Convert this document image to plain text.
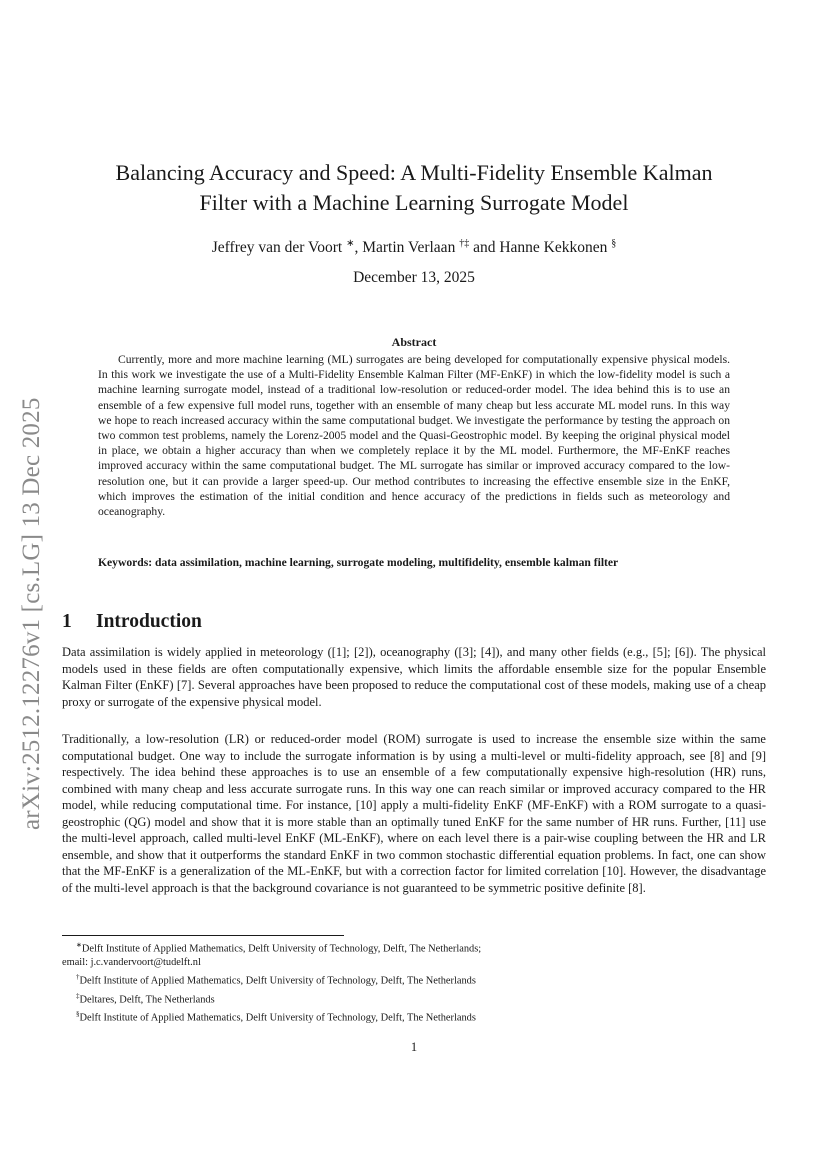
arXiv:2512.12276v1 [cs.LG] 13 Dec 2025
Balancing Accuracy and Speed: A Multi-Fidelity Ensemble Kalman
Filter with a Machine Learning Surrogate Model
Jeffrey van der Voort ∗, Martin Verlaan †‡ and Hanne Kekkonen §
December 13, 2025
Abstract

Currently, more and more machine learning (ML) surrogates are being developed for computationally expensive physical models. In this work we investigate the use of a Multi-Fidelity Ensemble Kalman Filter (MF-EnKF) in which the low-fidelity model is such a machine learning surrogate model, instead of a traditional low-resolution or reduced-order model. The idea behind this is to use an ensemble of a few expensive full model runs, together with an ensemble of many cheap but less accurate ML model runs. In this way we hope to reach increased accuracy within the same computational budget. We investigate the performance by testing the approach on two common test problems, namely the Lorenz-2005 model and the Quasi-Geostrophic model. By keeping the original physical model in place, we obtain a higher accuracy than when we completely replace it by the ML model. Furthermore, the MF-EnKF reaches improved accuracy within the same computational budget. The ML surrogate has similar or improved accuracy compared to the low-resolution one, but it can provide a larger speed-up. Our method contributes to increasing the effective ensemble size in the EnKF, which improves the estimation of the initial condition and hence accuracy of the predictions in fields such as meteorology and oceanography.

Keywords: data assimilation, machine learning, surrogate modeling, multifidelity, ensemble kalman filter

1 Introduction

Data assimilation is widely applied in meteorology ([1]; [2]), oceanography ([3]; [4]), and many other fields (e.g., [5]; [6]). The physical models used in these fields are often computationally expensive, which limits the affordable ensemble size for the popular Ensemble Kalman Filter (EnKF) [7]. Several approaches have been proposed to reduce the computational cost of these models, making use of a cheap proxy or surrogate of the expensive physical model.

Traditionally, a low-resolution (LR) or reduced-order model (ROM) surrogate is used to increase the ensemble size within the same computational budget. One way to include the surrogate information is by using a multi-level or multi-fidelity approach, see [8] and [9] respectively. The idea behind these approaches is to use an ensemble of a few computationally expensive high-resolution (HR) runs, combined with many cheap and less accurate surrogate runs. In this way one can reach similar or improved accuracy compared to the HR model, while reducing computational time. For instance, [10] apply a multi-fidelity EnKF (MF-EnKF) with a ROM surrogate to a quasi-geostrophic (QG) model and show that it is more stable than an optimally tuned EnKF for the same number of HR runs. Further, [11] use the multi-level approach, called multi-level EnKF (ML-EnKF), where on each level there is a pair-wise coupling between the HR and LR ensemble, and show that it outperforms the standard EnKF in two common stochastic differential equation problems. In fact, one can show that the MF-EnKF is a generalization of the ML-EnKF, but with a correction factor for limited correlation [10]. However, the disadvantage of the multi-level approach is that the background covariance is not guaranteed to be symmetric positive definite [8].

∗Delft Institute of Applied Mathematics, Delft University of Technology, Delft, The Netherlands;

email: j.c.vandervoort@tudelft.nl

†Delft Institute of Applied Mathematics, Delft University of Technology, Delft, The Netherlands

‡Deltares, Delft, The Netherlands

§Delft Institute of Applied Mathematics, Delft University of Technology, Delft, The Netherlands

1
